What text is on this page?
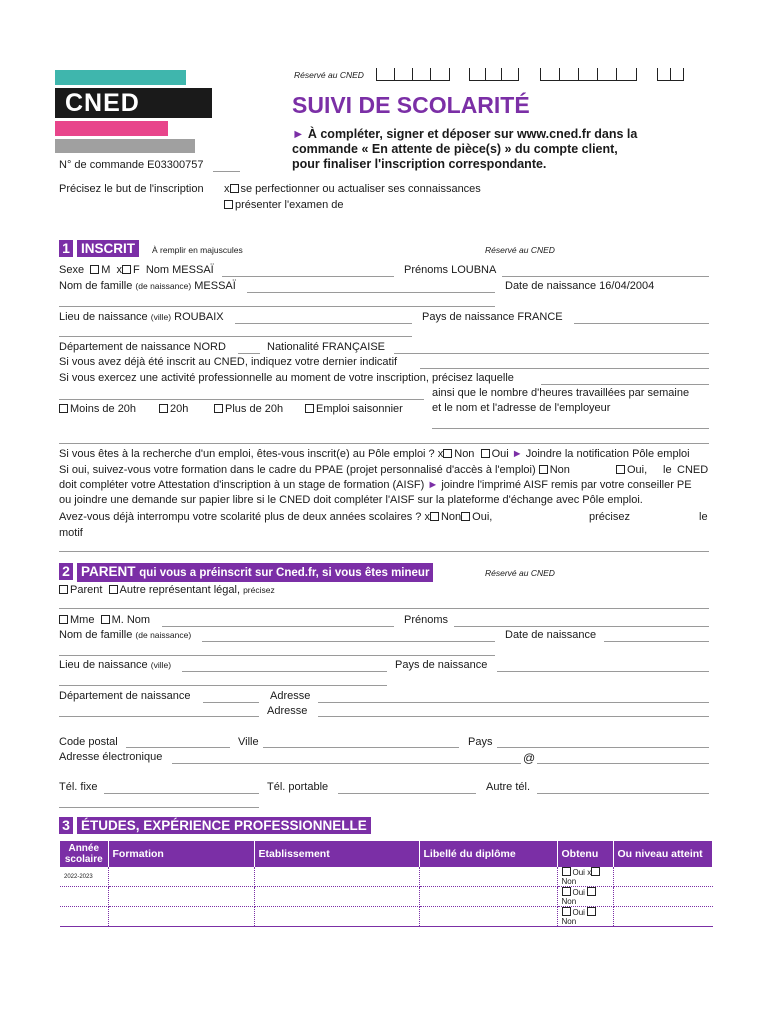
CNED
Réservé au CNED
SUIVI DE SCOLARITÉ
► À compléter, signer et déposer sur www.cned.fr dans la
commande « En attente de pièce(s) » du compte client,
pour finaliser l'inscription correspondante.
N° de commande E03300757
Précisez le but de l'inscription x se perfectionner ou actualiser ses connaissances
présenter l'examen de
1 INSCRIT	À remplir en majuscules	Réservé au CNED
Sexe M x F Nom MESSAÏ	Prénoms LOUBNA
Nom de famille (de naissance) MESSAÏ	Date de naissance 16/04/2004
Lieu de naissance (ville) ROUBAIX	Pays de naissance FRANCE
Département de naissance NORD	Nationalité FRANÇAISE
Si vous avez déjà été inscrit au CNED, indiquez votre dernier indicatif
Si vous exercez une activité professionnelle au moment de votre inscription, précisez laquelle
ainsi que le nombre d'heures travaillées par semaine
et le nom et l'adresse de l'employeur
Moins de 20h	20h	Plus de 20h	Emploi saisonnier
Si vous êtes à la recherche d'un emploi, êtes-vous inscrit(e) au Pôle emploi ? x Non Oui ► Joindre la notification Pôle emploi
Si oui, suivez-vous votre formation dans le cadre du PPAE (projet personnalisé d'accès à l'emploi) Non	Oui, le CNED
doit compléter votre Attestation d'inscription à un stage de formation (AISF) ► joindre l'imprimé AISF remis par votre conseiller PE
ou joindre une demande sur papier libre si le CNED doit compléter l'AISF sur la plateforme d'échange avec Pôle emploi.
Avez-vous déjà interrompu votre scolarité plus de deux années scolaires ? x Non Oui,	précisez	le
motif
2 PARENT qui vous a préinscrit sur Cned.fr, si vous êtes mineur	Réservé au CNED
Parent Autre représentant légal, précisez
Mme M. Nom	Prénoms
Nom de famille (de naissance)	Date de naissance
Lieu de naissance (ville)	Pays de naissance
Département de naissance	Adresse
Adresse
Code postal	Ville	Pays
Adresse électronique	@
Tél. fixe	Tél. portable	Autre tél.
3 ÉTUDES, EXPÉRIENCE PROFESSIONNELLE
Année scolaire	Formation	Etablissement	Libellé du diplôme	Obtenu	Ou niveau atteint
2022-2023				Oui xNon	
				Oui Non	
				Oui Non	
